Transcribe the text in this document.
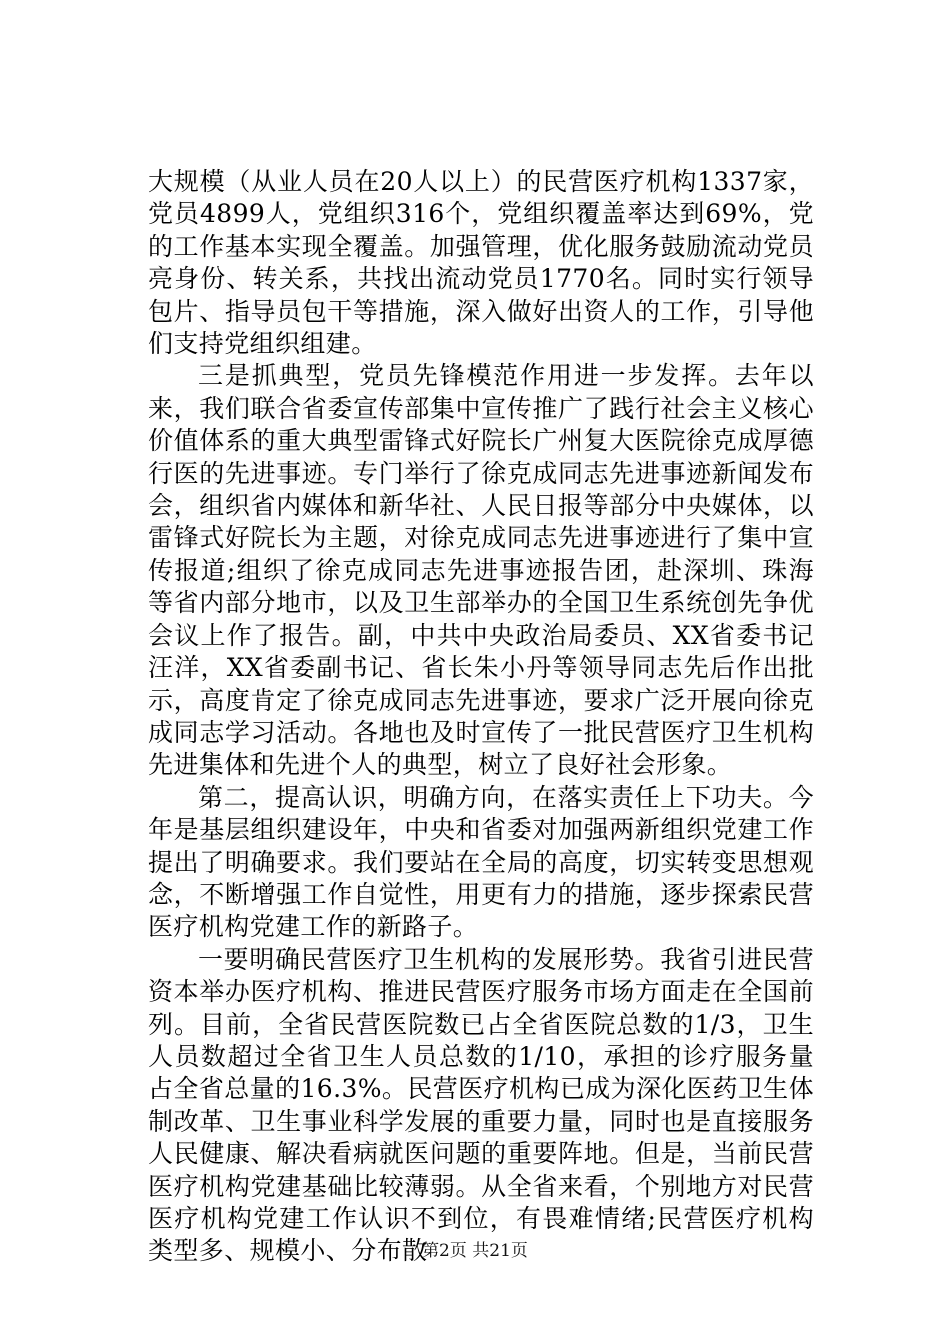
大规模（从业人员在20人以上）的民营医疗机构1337家，党员4899人，党组织316个，党组织覆盖率达到69%，党的工作基本实现全覆盖。加强管理，优化服务鼓励流动党员亮身份、转关系，共找出流动党员1770名。同时实行领导包片、指导员包干等措施，深入做好出资人的工作，引导他们支持党组织组建。

三是抓典型，党员先锋模范作用进一步发挥。去年以来，我们联合省委宣传部集中宣传推广了践行社会主义核心价值体系的重大典型雷锋式好院长广州复大医院徐克成厚德行医的先进事迹。专门举行了徐克成同志先进事迹新闻发布会，组织省内媒体和新华社、人民日报等部分中央媒体，以雷锋式好院长为主题，对徐克成同志先进事迹进行了集中宣传报道;组织了徐克成同志先进事迹报告团，赴深圳、珠海等省内部分地市，以及卫生部举办的全国卫生系统创先争优会议上作了报告。副，中共中央政治局委员、XX省委书记汪洋，XX省委副书记、省长朱小丹等领导同志先后作出批示，高度肯定了徐克成同志先进事迹，要求广泛开展向徐克成同志学习活动。各地也及时宣传了一批民营医疗卫生机构先进集体和先进个人的典型，树立了良好社会形象。

第二，提高认识，明确方向，在落实责任上下功夫。今年是基层组织建设年，中央和省委对加强两新组织党建工作提出了明确要求。我们要站在全局的高度，切实转变思想观念，不断增强工作自觉性，用更有力的措施，逐步探索民营医疗机构党建工作的新路子。

一要明确民营医疗卫生机构的发展形势。我省引进民营资本举办医疗机构、推进民营医疗服务市场方面走在全国前列。目前，全省民营医院数已占全省医院总数的1/3，卫生人员数超过全省卫生人员总数的1/10，承担的诊疗服务量占全省总量的16.3%。民营医疗机构已成为深化医药卫生体制改革、卫生事业科学发展的重要力量，同时也是直接服务人民健康、解决看病就医问题的重要阵地。但是，当前民营医疗机构党建基础比较薄弱。从全省来看，个别地方对民营医疗机构党建工作认识不到位，有畏难情绪;民营医疗机构类型多、规模小、分布散

第2页 共21页
